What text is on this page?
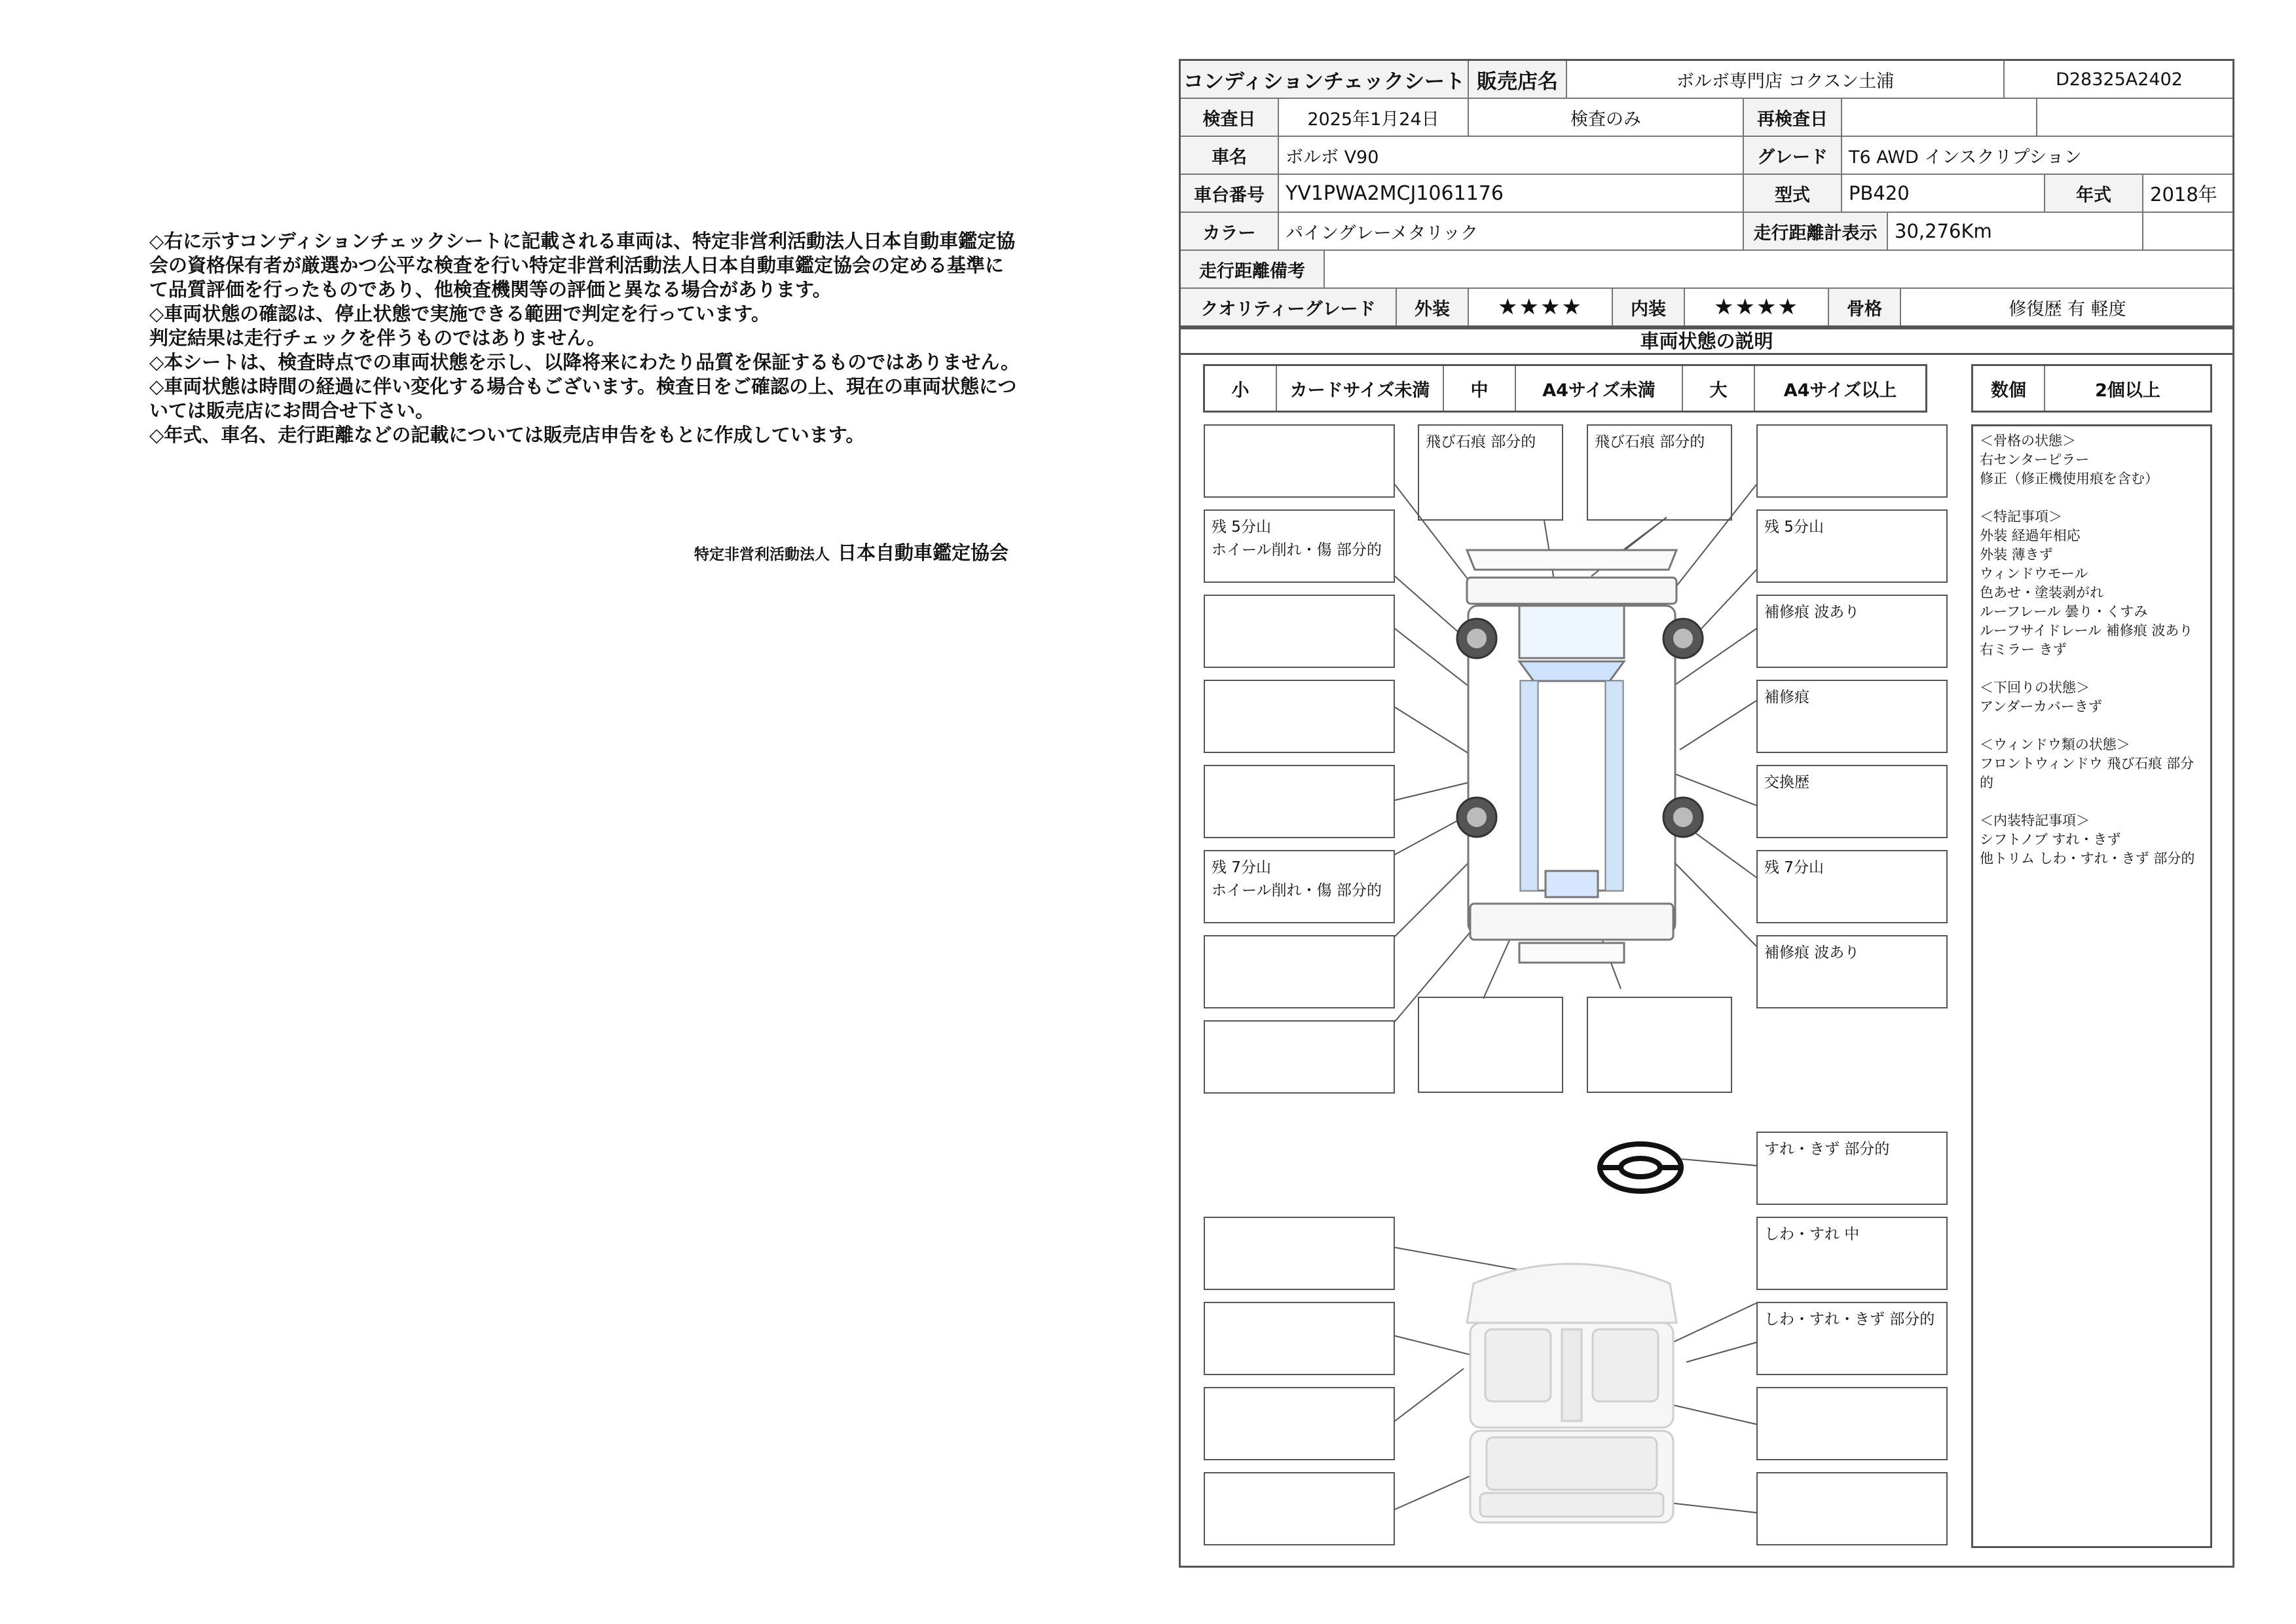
◇右に示すコンディションチェックシートに記載される車両は、特定非営利活動法人日本自動車鑑定協会の資格保有者が厳選かつ公平な検査を行い特定非営利活動法人日本自動車鑑定協会の定める基準にて品質評価を行ったものであり、他検査機関等の評価と異なる場合があります。

◇車両状態の確認は、停止状態で実施できる範囲で判定を行っています。

判定結果は走行チェックを伴うものではありません。

◇本シートは、検査時点での車両状態を示し、以降将来にわたり品質を保証するものではありません。

◇車両状態は時間の経過に伴い変化する場合もございます。検査日をご確認の上、現在の車両状態については販売店にお問合せ下さい。

◇年式、車名、走行距離などの記載については販売店申告をもとに作成しています。

特定非営利活動法人 日本自動車鑑定協会
コンディションチェックシート 販売店名	ボルボ専門店 コクスン土浦	D28325A2402
検査日	2025年1月24日	検査のみ	再検査日
車名	ボルボ V90	グレード	T6 AWD インスクリプション
車台番号	YV1PWA2MCJ1061176	型式	PB420	年式	2018年
カラー	パイングレーメタリック	走行距離計表示 30,276Km
走行距離備考
クオリティーグレード	外装	★★★★	内装	★★★★	骨格	修復歴 有 軽度
車両状態の説明
小	カードサイズ未満	中	A4サイズ未満	大	A4サイズ以上	数個	2個以上
残 5分山
ホイール削れ・傷 部分的
残 7分山
ホイール削れ・傷 部分的
飛び石痕 部分的	飛び石痕 部分的
残 5分山
補修痕 波あり
補修痕
交換歴
残 7分山
補修痕 波あり
すれ・きず 部分的
しわ・すれ 中
しわ・すれ・きず 部分的

＜骨格の状態＞

右センターピラー

修正（修正機使用痕を含む）

＜特記事項＞

外装 経過年相応

外装 薄きず

ウィンドウモール

色あせ・塗装剥がれ

ルーフレール 曇り・くすみ

ルーフサイドレール 補修痕 波あり

右ミラー きず

＜下回りの状態＞

アンダーカバーきず

＜ウィンドウ類の状態＞

フロントウィンドウ 飛び石痕 部分的

＜内装特記事項＞

シフトノブ すれ・きず

他トリム しわ・すれ・きず 部分的
